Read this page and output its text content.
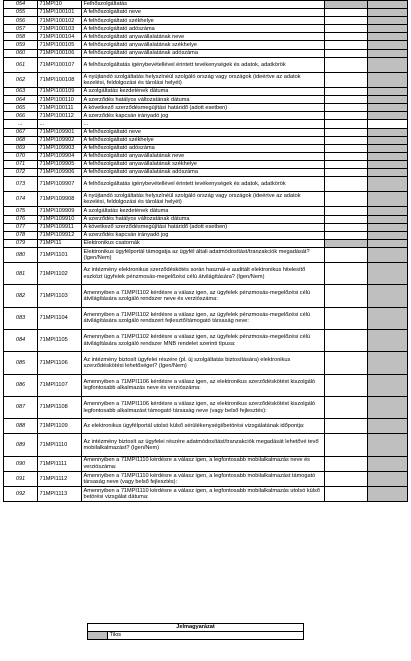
054	71MPI10	Felhőszolgáltatás		
055	71MPI100101	A felhőszolgáltató neve		
056	71MPI100102	A felhőszolgáltató székhelye		
057	71MPI100103	A felhőszolgáltató adószáma		
058	71MPI100104	A felhőszolgáltató anyavállalatának neve		
059	71MPI100105	A felhőszolgáltató anyavállalatának székhelye		
060	71MPI100106	A felhőszolgáltató anyavállalatának adószáma		
061	71MPI100107	A felhőszolgáltatás igénybevétellével érintett tevékenységek és adatok, adatkörök		
062	71MPI100108	A nyújtandó szolgáltatás helyszínéül szolgáló ország vagy országok (ideértve az adatok kezelési, feldolgozási és tárolási helyét)		
063	71MPI100109	A szolgáltatás kezdetének dátuma		
064	71MPI100110	A szerződés hatályos változatának dátuma		
065	71MPI100111	A következő szerződésmegújítási határidő (adott esetben)		
066	71MPI100112	A szerződés kapcsán irányadó jog		
...	...	...		
067	71MPI109901	A felhőszolgáltató neve		
068	71MPI109902	A felhőszolgáltató székhelye		
069	71MPI109903	A felhőszolgáltató adószáma		
070	71MPI109904	A felhőszolgáltató anyavállalatának neve		
071	71MPI109905	A felhőszolgáltató anyavállalatának székhelye		
072	71MPI109906	A felhőszolgáltató anyavállalatának adószáma		
073	71MPI109907	A felhőszolgáltatás igénybevétellével érintett tevékenységek és adatok, adatkörök		
074	71MPI109908	A nyújtandó szolgáltatás helyszínéül szolgáló ország vagy országok (ideértve az adatok kezelési, feldolgozási és tárolási helyét)		
075	71MPI109909	A szolgáltatás kezdetének dátuma		
076	71MPI109910	A szerződés hatályos változatának dátuma		
077	71MPI109911	A következő szerződésmegújítási határidő (adott esetben)		
078	71MPI109912	A szerződés kapcsán irányadó jog		
079	71MPI11	Elektronikus csatornák		
080	71MPI1101	Elektronikus ügyfélportál támogatja az ügyfél általi adatmódosítást/tranzakciók megadását? (Igen/Nem)		
081	71MPI1102	Az intézmény elektronikus szerződéskötés során használ-e auditált elektronikus hitelesítő eszközt ügyfelek pénzmosás-megelőzési célú átvilágítására? (Igen/Nem)		
082	71MPI1103	Amennyiben a 71MPI1102 kérdésre a válasz igen, az ügyfelek pénzmosás-megelőzési célú átvilágítására szolgáló rendszer neve és verziószáma:		
083	71MPI1104	Amennyiben a 71MPI1102 kérdésre a válasz igen, az ügyfelek pénzmosás-megelőzési célú átvilágítására szolgáló rendszert fejlesztő/támogató társaság neve:		
084	71MPI1105	Amennyiben a 71MPI1102 kérdésre a válasz igen, az ügyfelek pénzmosás-megelőzési célú átvilágítására szolgáló rendszer MNB rendelet szerinti típusa:		
085	71MPI1106	Az intézmény biztosít ügyfelei részére (pl. új szolgáltatás biztosítására) elektronikus szerződéskötési lehetőséget? (Igen/Nem)		
086	71MPI1107	Amennyiben a 71MPI1106 kérdésre a válasz igen, az elektronikus szerződéskötést kiszolgáló legfontosabb alkalmazás neve és verziószáma:		
087	71MPI1108	Amennyiben a 71MPI1106 kérdésre a válasz igen, az elektronikus szerződéskötést kiszolgáló legfontosabb alkalmazást támogató társaság neve (vagy belső fejlesztés):		
088	71MPI1109	Az elektronikus ügyfélportál utolsó külső sérülékenységi/betörési vizsgálatának időpontja:		
089	71MPI1110	Az intézmény biztosít az ügyfelei részére adatmódosítást/tranzakciók megadását lehetővé tevő mobilalkalmazást? (Igen/Nem)		
090	71MPI1111	Amennyiben a 71MPI1110 kérdésre a válasz igen, a legfontosabb mobilalkalmazás neve és verziószáma:		
091	71MPI1112	Amennyiben a 71MPI1110 kérdésre a válasz igen, a legfontosabb mobilalkalmazást támogató társaság neve (vagy belső fejlesztés):		
092	71MPI1113	Amennyiben a 71MPI1110 kérdésre a válasz igen, a legfontosabb mobilalkalmazás utolsó külső betörési vizsgálat dátuma:		
Jelmagyarázat
	Tilos
